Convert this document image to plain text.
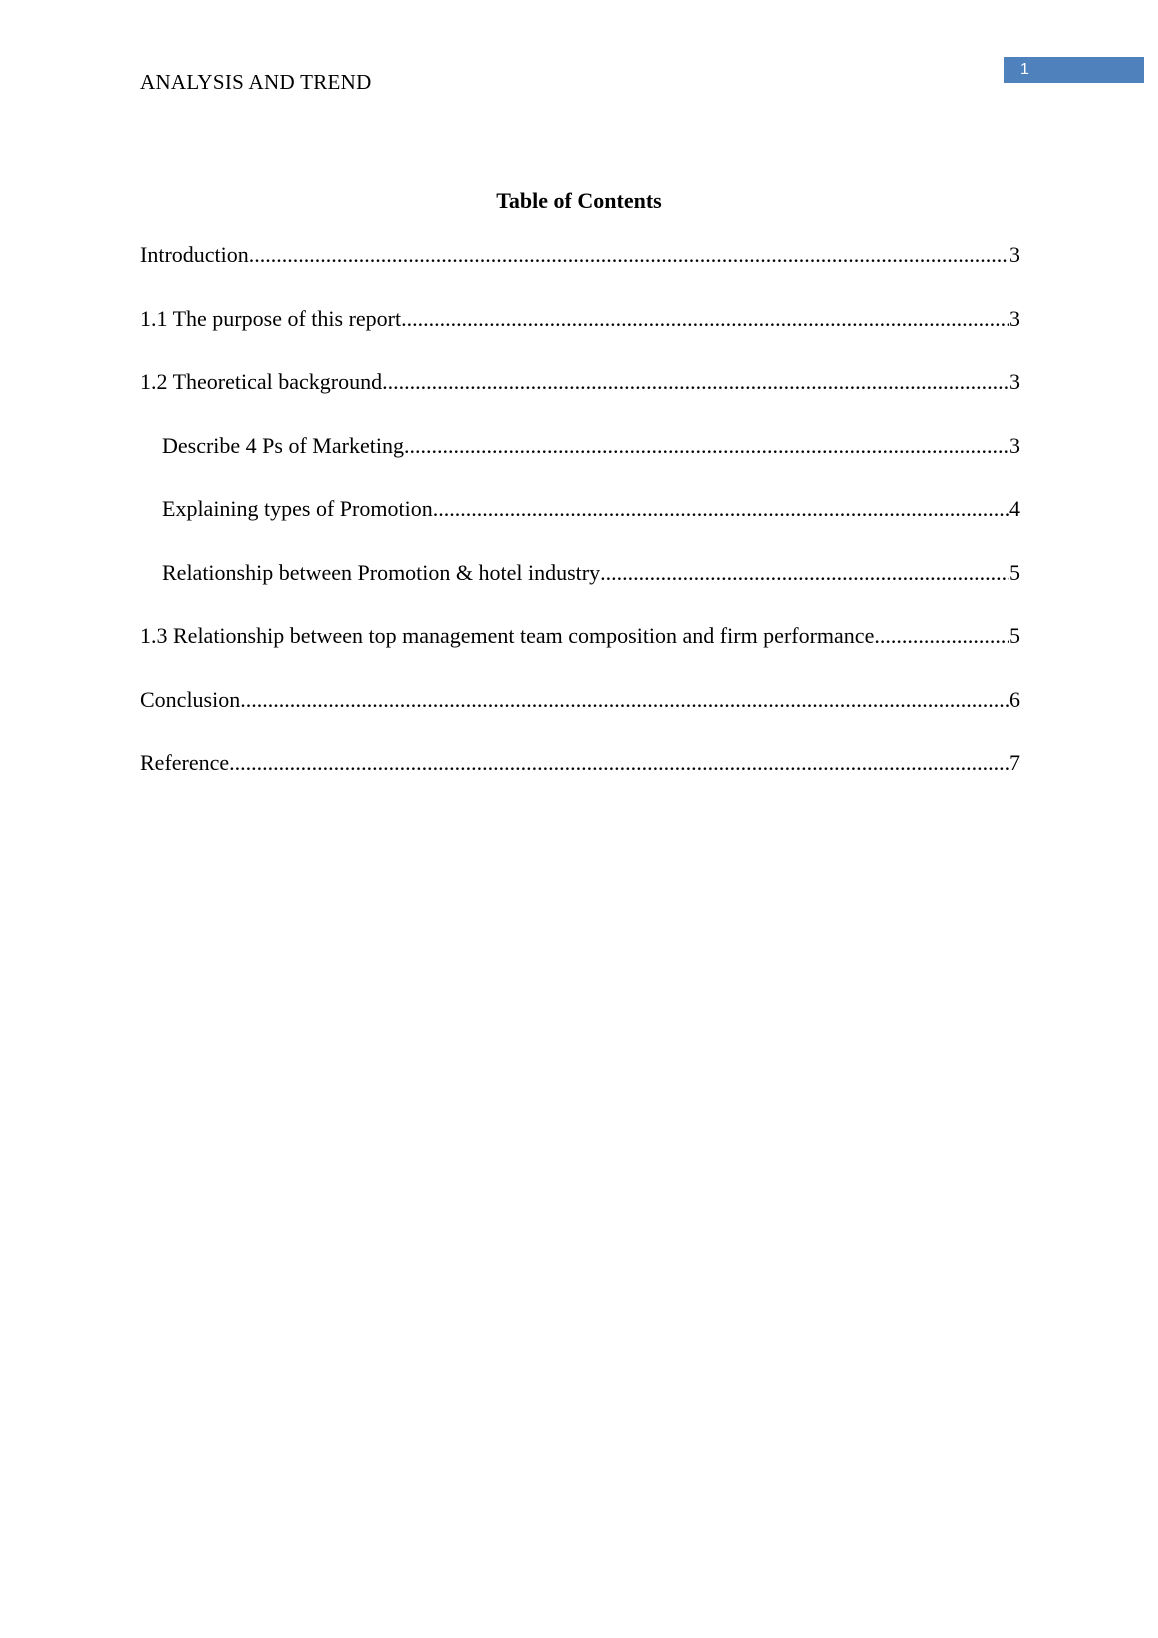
ANALYSIS AND TREND
1
Table of Contents
Introduction .....	3
1.1 The purpose of this report .....	3
1.2 Theoretical background .....	3
Describe 4 Ps of Marketing .....	3
Explaining types of Promotion .....	4
Relationship between Promotion & hotel industry .....	5
1.3 Relationship between top management team composition and firm performance .....	5
Conclusion .....	6
Reference .....	7
